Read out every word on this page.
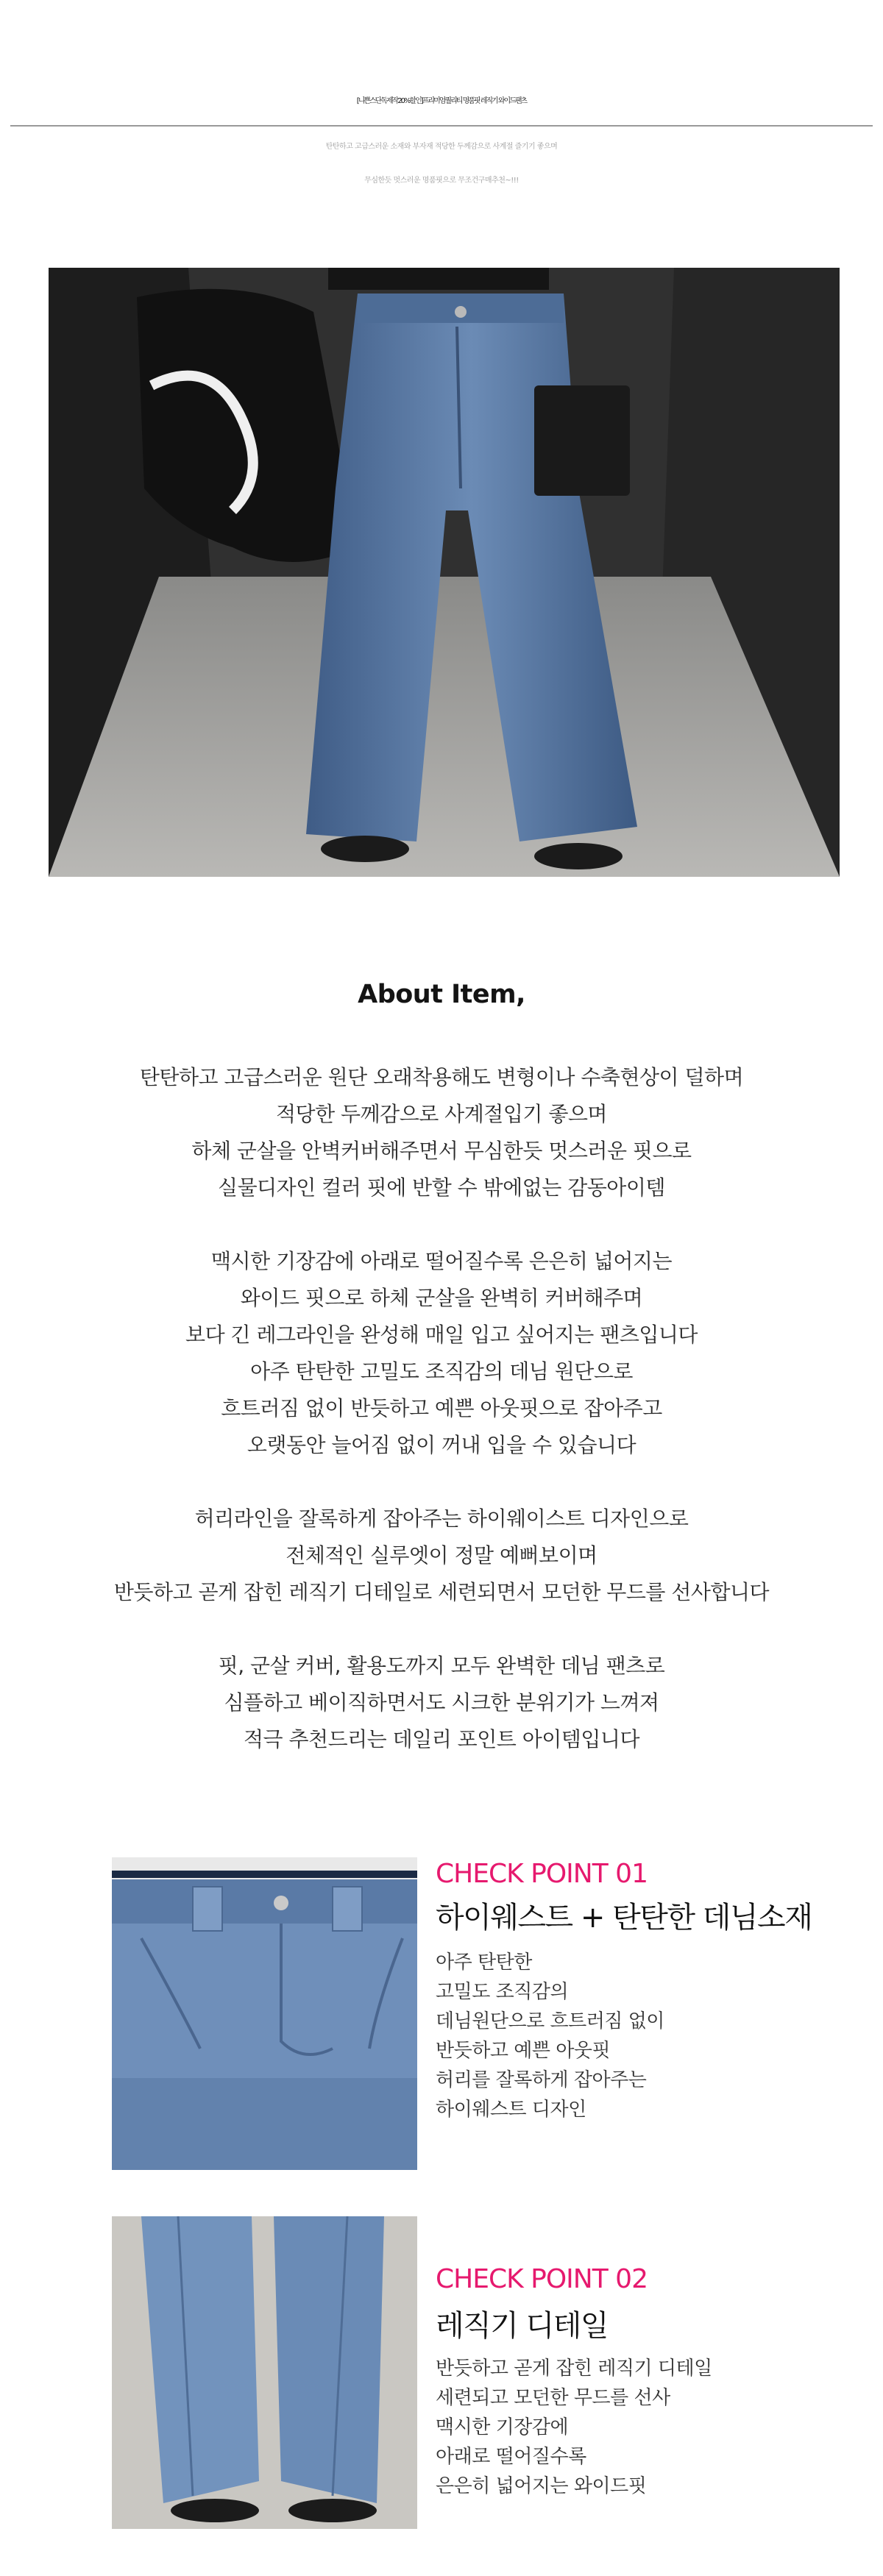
[니쁜스단독제작20%할인]프리미엄퀄리티 명품핏 레직기 와이드팬츠
탄탄하고 고급스러운 소재와 부자재 적당한 두께감으로 사계절 즐기기 좋으며
무심한듯 멋스러운 명품핏으로 무조건구매추천~!!!
About Item,
탄탄하고 고급스러운 원단 오래착용해도 변형이나 수축현상이 덜하며
적당한 두께감으로 사계절입기 좋으며
하체 군살을 안벽커버해주면서 무심한듯 멋스러운 핏으로
실물디자인 컬러 핏에 반할 수 밖에없는 감동아이템
맥시한 기장감에 아래로 떨어질수록 은은히 넓어지는
와이드 핏으로 하체 군살을 완벽히 커버해주며
보다 긴 레그라인을 완성해 매일 입고 싶어지는 팬츠입니다
아주 탄탄한 고밀도 조직감의 데님 원단으로
흐트러짐 없이 반듯하고 예쁜 아웃핏으로 잡아주고
오랫동안 늘어짐 없이 꺼내 입을 수 있습니다
허리라인을 잘록하게 잡아주는 하이웨이스트 디자인으로
전체적인 실루엣이 정말 예뻐보이며
반듯하고 곧게 잡힌 레직기 디테일로 세련되면서 모던한 무드를 선사합니다
핏, 군살 커버, 활용도까지 모두 완벽한 데님 팬츠로
심플하고 베이직하면서도 시크한 분위기가 느껴져
적극 추천드리는 데일리 포인트 아이템입니다
CHECK POINT 01
하이웨스트 + 탄탄한 데님소재
아주 탄탄한
고밀도 조직감의
데님원단으로 흐트러짐 없이
반듯하고 예쁜 아웃핏
허리를 잘록하게 잡아주는
하이웨스트 디자인
CHECK POINT 02
레직기 디테일
반듯하고 곧게 잡힌 레직기 디테일
세련되고 모던한 무드를 선사
맥시한 기장감에
아래로 떨어질수록
은은히 넓어지는 와이드핏
